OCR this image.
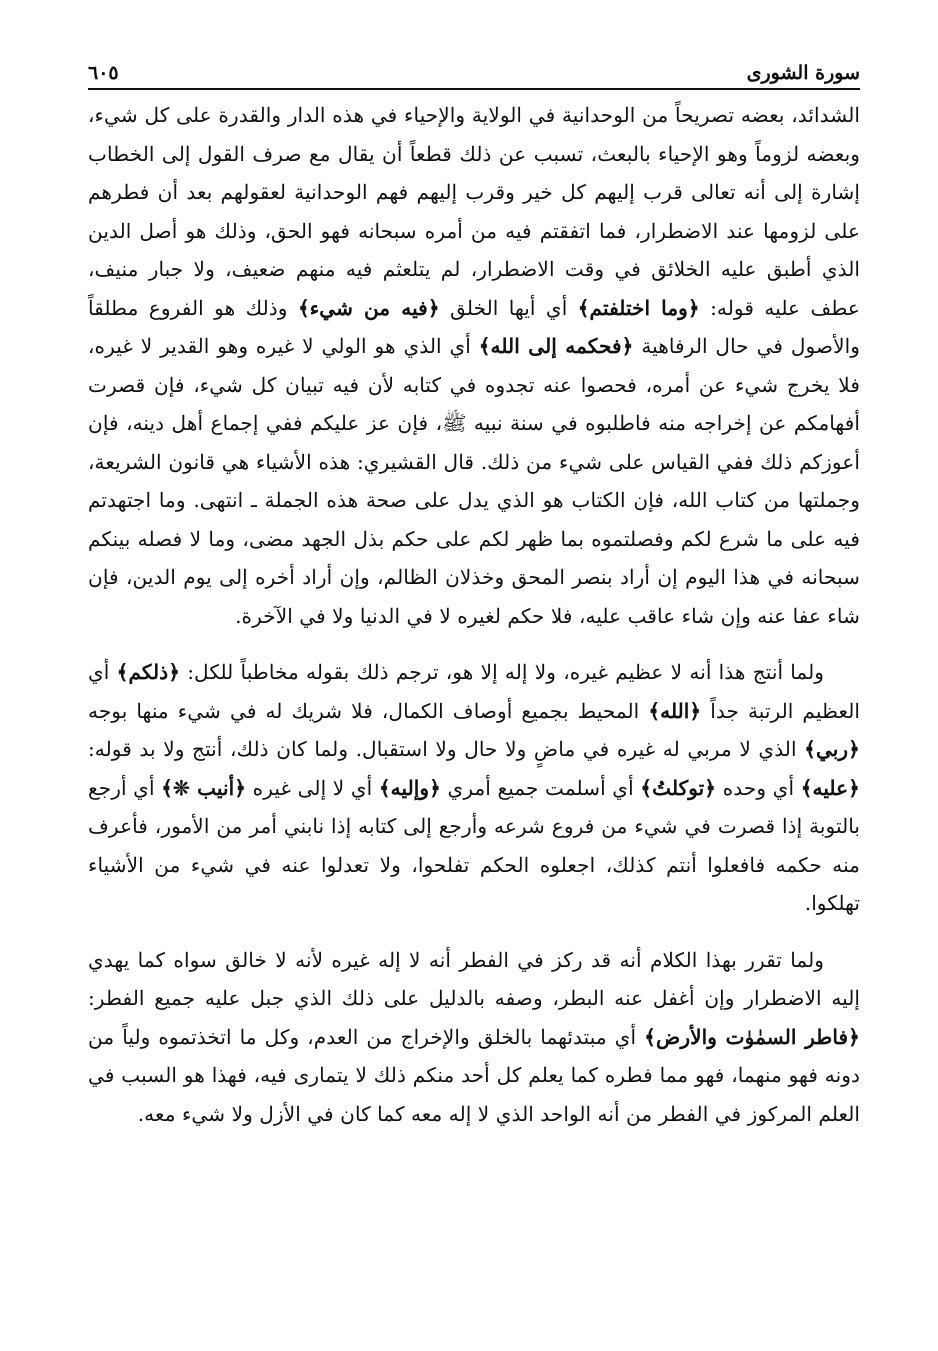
سورة الشورى
٦٠٥

الشدائد، بعضه تصريحاً من الوحدانية في الولاية والإحياء في هذه الدار والقدرة على كل شيء، وبعضه لزوماً وهو الإحياء بالبعث، تسبب عن ذلك قطعاً أن يقال مع صرف القول إلى الخطاب إشارة إلى أنه تعالى قرب إليهم كل خير وقرب إليهم فهم الوحدانية لعقولهم بعد أن فطرهم على لزومها عند الاضطرار، فما اتفقتم فيه من أمره سبحانه فهو الحق، وذلك هو أصل الدين الذي أطبق عليه الخلائق في وقت الاضطرار، لم يتلعثم فيه منهم ضعيف، ولا جبار منيف، عطف عليه قوله: ﴿وما اختلفتم﴾ أي أيها الخلق ﴿فيه من شيء﴾ وذلك هو الفروع مطلقاً والأصول في حال الرفاهية ﴿فحكمه إلى الله﴾ أي الذي هو الولي لا غيره وهو القدير لا غيره، فلا يخرج شيء عن أمره، فحصوا عنه تجدوه في كتابه لأن فيه تبيان كل شيء، فإن قصرت أفهامكم عن إخراجه منه فاطلبوه في سنة نبيه ﷺ، فإن عز عليكم ففي إجماع أهل دينه، فإن أعوزكم ذلك ففي القياس على شيء من ذلك. قال القشيري: هذه الأشياء هي قانون الشريعة، وجملتها من كتاب الله، فإن الكتاب هو الذي يدل على صحة هذه الجملة ـ انتهى. وما اجتهدتم فيه على ما شرع لكم وفصلتموه بما ظهر لكم على حكم بذل الجهد مضى، وما لا فصله بينكم سبحانه في هذا اليوم إن أراد بنصر المحق وخذلان الظالم، وإن أراد أخره إلى يوم الدين، فإن شاء عفا عنه وإن شاء عاقب عليه، فلا حكم لغيره لا في الدنيا ولا في الآخرة.

ولما أنتج هذا أنه لا عظيم غيره، ولا إله إلا هو، ترجم ذلك بقوله مخاطباً للكل: ﴿ذلكم﴾ أي العظيم الرتبة جداً ﴿الله﴾ المحيط بجميع أوصاف الكمال، فلا شريك له في شيء منها بوجه ﴿ربي﴾ الذي لا مربي له غيره في ماضٍ ولا حال ولا استقبال. ولما كان ذلك، أنتج ولا بد قوله: ﴿عليه﴾ أي وحده ﴿توكلتُ﴾ أي أسلمت جميع أمري ﴿وإليه﴾ أي لا إلى غيره ﴿أنيب ❊﴾ أي أرجع بالتوبة إذا قصرت في شيء من فروع شرعه وأرجع إلى كتابه إذا نابني أمر من الأمور، فأعرف منه حكمه فافعلوا أنتم كذلك، اجعلوه الحكم تفلحوا، ولا تعدلوا عنه في شيء من الأشياء تهلكوا.

ولما تقرر بهذا الكلام أنه قد ركز في الفطر أنه لا إله غيره لأنه لا خالق سواه كما يهدي إليه الاضطرار وإن أغفل عنه البطر، وصفه بالدليل على ذلك الذي جبل عليه جميع الفطر: ﴿فاطر السمٰوٰت والأرض﴾ أي مبتدئهما بالخلق والإخراج من العدم، وكل ما اتخذتموه ولياً من دونه فهو منهما، فهو مما فطره كما يعلم كل أحد منكم ذلك لا يتمارى فيه، فهذا هو السبب في العلم المركوز في الفطر من أنه الواحد الذي لا إله معه كما كان في الأزل ولا شيء معه.
